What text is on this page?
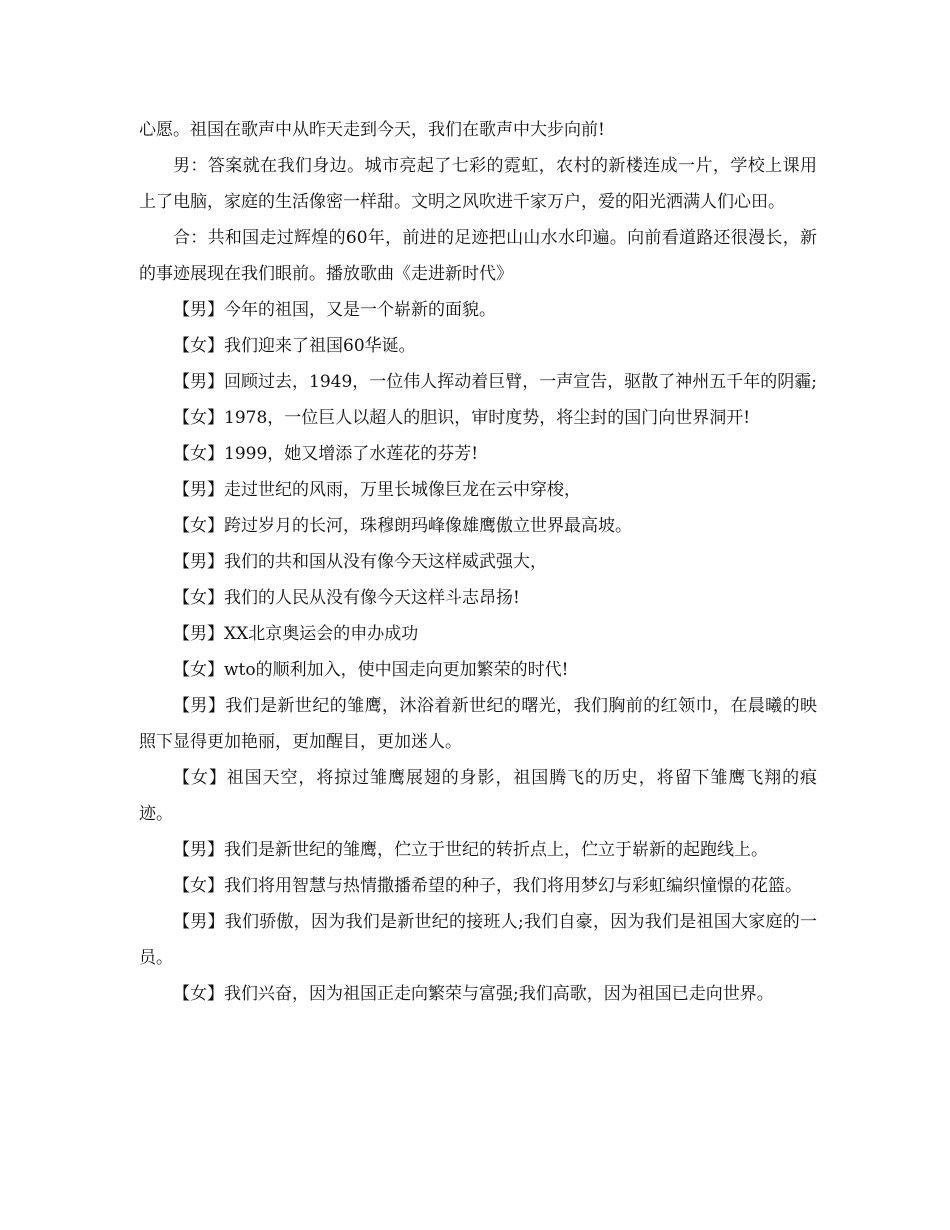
心愿。祖国在歌声中从昨天走到今天，我们在歌声中大步向前!

男：答案就在我们身边。城市亮起了七彩的霓虹，农村的新楼连成一片，学校上课用上了电脑，家庭的生活像密一样甜。文明之风吹进千家万户，爱的阳光洒满人们心田。

合：共和国走过辉煌的60年，前进的足迹把山山水水印遍。向前看道路还很漫长，新的事迹展现在我们眼前。播放歌曲《走进新时代》

【男】今年的祖国，又是一个崭新的面貌。

【女】我们迎来了祖国60华诞。

【男】回顾过去，1949，一位伟人挥动着巨臂，一声宣告，驱散了神州五千年的阴霾;

【女】1978，一位巨人以超人的胆识，审时度势，将尘封的国门向世界洞开!

【女】1999，她又增添了水莲花的芬芳!

【男】走过世纪的风雨，万里长城像巨龙在云中穿梭，

【女】跨过岁月的长河，珠穆朗玛峰像雄鹰傲立世界最高坡。

【男】我们的共和国从没有像今天这样威武强大，

【女】我们的人民从没有像今天这样斗志昂扬!

【男】XX北京奥运会的申办成功

【女】wto的顺利加入，使中国走向更加繁荣的时代!

【男】我们是新世纪的雏鹰，沐浴着新世纪的曙光，我们胸前的红领巾，在晨曦的映照下显得更加艳丽，更加醒目，更加迷人。

【女】祖国天空，将掠过雏鹰展翅的身影，祖国腾飞的历史，将留下雏鹰飞翔的痕迹。

【男】我们是新世纪的雏鹰，伫立于世纪的转折点上，伫立于崭新的起跑线上。

【女】我们将用智慧与热情撒播希望的种子，我们将用梦幻与彩虹编织憧憬的花篮。

【男】我们骄傲，因为我们是新世纪的接班人;我们自豪，因为我们是祖国大家庭的一员。

【女】我们兴奋，因为祖国正走向繁荣与富强;我们高歌，因为祖国已走向世界。
